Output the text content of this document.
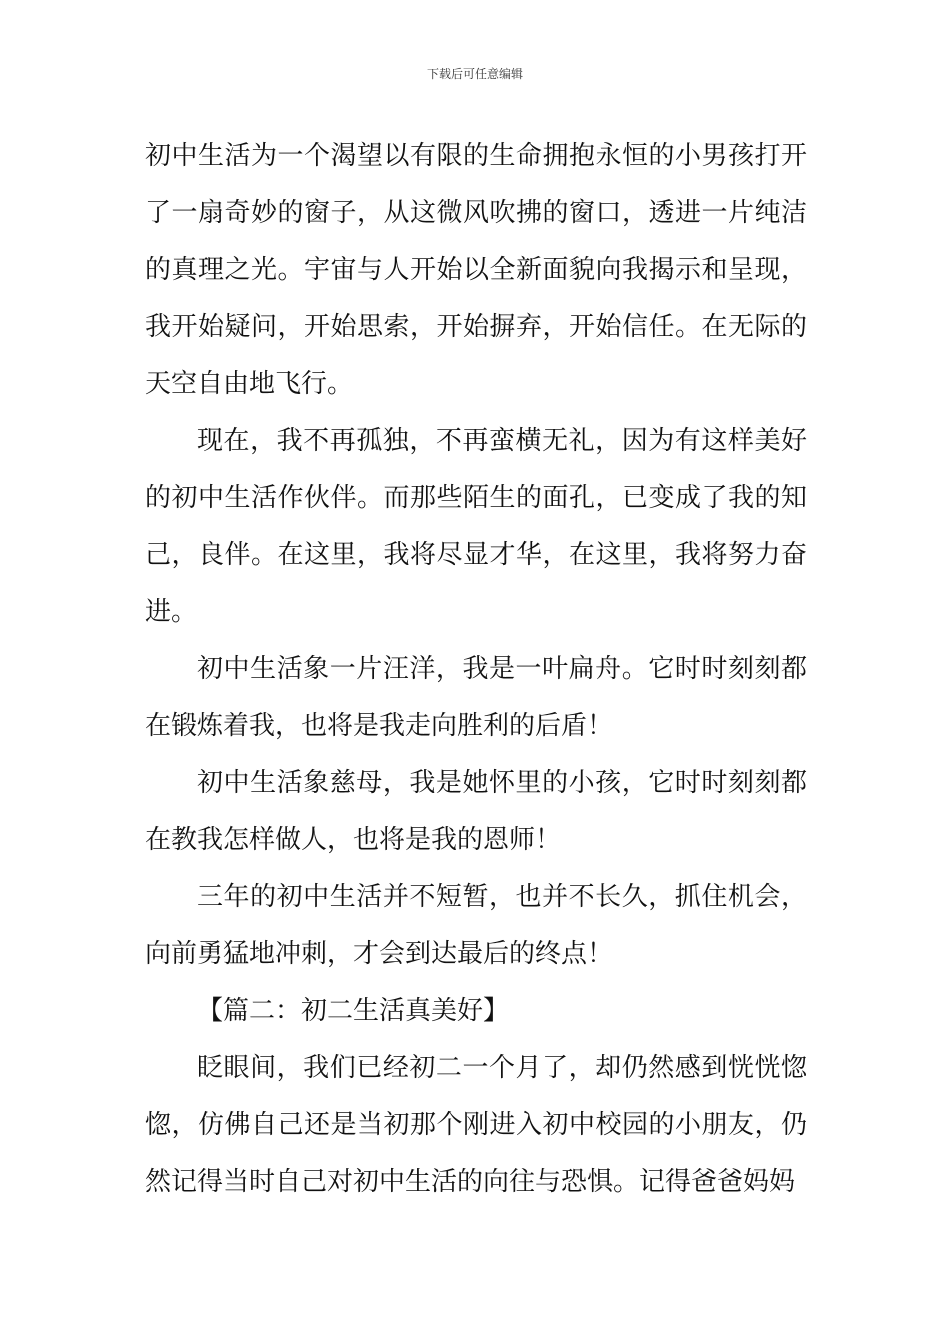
下载后可任意编辑

初中生活为一个渴望以有限的生命拥抱永恒的小男孩打开了一扇奇妙的窗子，从这微风吹拂的窗口，透进一片纯洁的真理之光。宇宙与人开始以全新面貌向我揭示和呈现，我开始疑问，开始思索，开始摒弃，开始信任。在无际的天空自由地飞行。

现在，我不再孤独，不再蛮横无礼，因为有这样美好的初中生活作伙伴。而那些陌生的面孔，已变成了我的知己，良伴。在这里，我将尽显才华，在这里，我将努力奋进。

初中生活象一片汪洋，我是一叶扁舟。它时时刻刻都在锻炼着我，也将是我走向胜利的后盾！

初中生活象慈母，我是她怀里的小孩，它时时刻刻都在教我怎样做人，也将是我的恩师！

三年的初中生活并不短暂，也并不长久，抓住机会，向前勇猛地冲刺，才会到达最后的终点！

【篇二：初二生活真美好】

眨眼间，我们已经初二一个月了，却仍然感到恍恍惚惚，仿佛自己还是当初那个刚进入初中校园的小朋友，仍然记得当时自己对初中生活的向往与恐惧。记得爸爸妈妈
